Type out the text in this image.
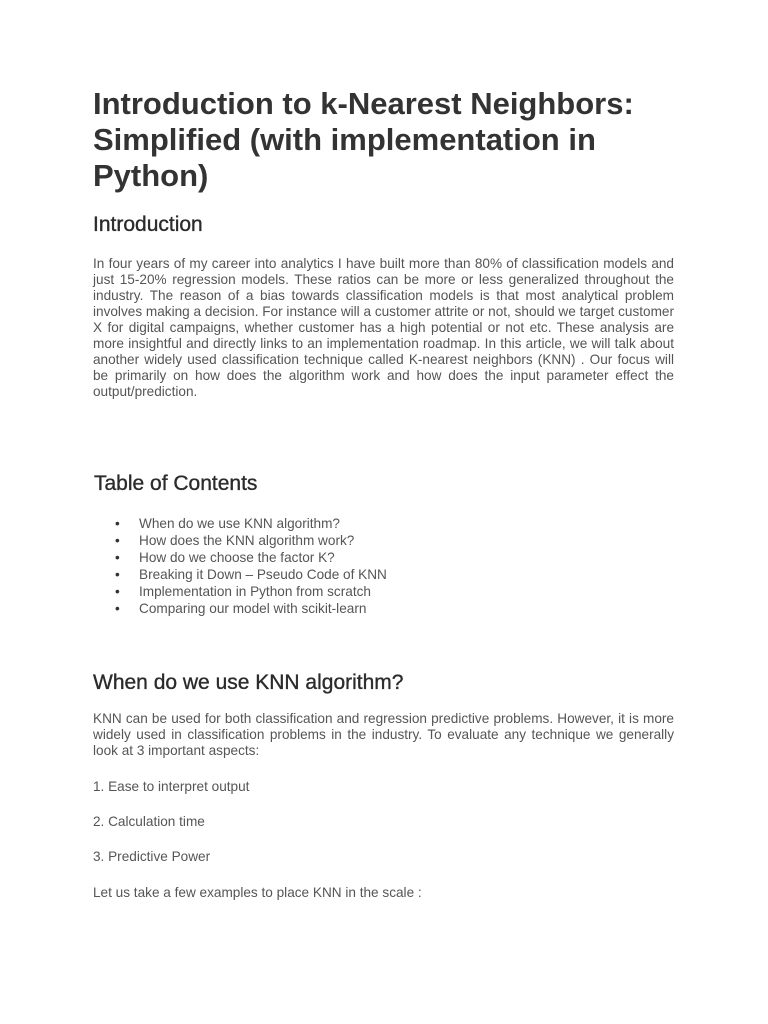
Introduction to k-Nearest Neighbors: Simplified (with implementation in Python)
Introduction

In four years of my career into analytics I have built more than 80% of classification models and just 15-20% regression models. These ratios can be more or less generalized throughout the industry. The reason of a bias towards classification models is that most analytical problem involves making a decision. For instance will a customer attrite or not, should we target customer X for digital campaigns, whether customer has a high potential or not etc. These analysis are more insightful and directly links to an implementation roadmap. In this article, we will talk about another widely used classification technique called K-nearest neighbors (KNN) . Our focus will be primarily on how does the algorithm work and how does the input parameter effect the output/prediction.

Table of Contents
• When do we use KNN algorithm?
• How does the KNN algorithm work?
• How do we choose the factor K?
• Breaking it Down – Pseudo Code of KNN
• Implementation in Python from scratch
• Comparing our model with scikit-learn
When do we use KNN algorithm?

KNN can be used for both classification and regression predictive problems. However, it is more widely used in classification problems in the industry. To evaluate any technique we generally look at 3 important aspects:

1. Ease to interpret output

2. Calculation time

3. Predictive Power

Let us take a few examples to place KNN in the scale :
